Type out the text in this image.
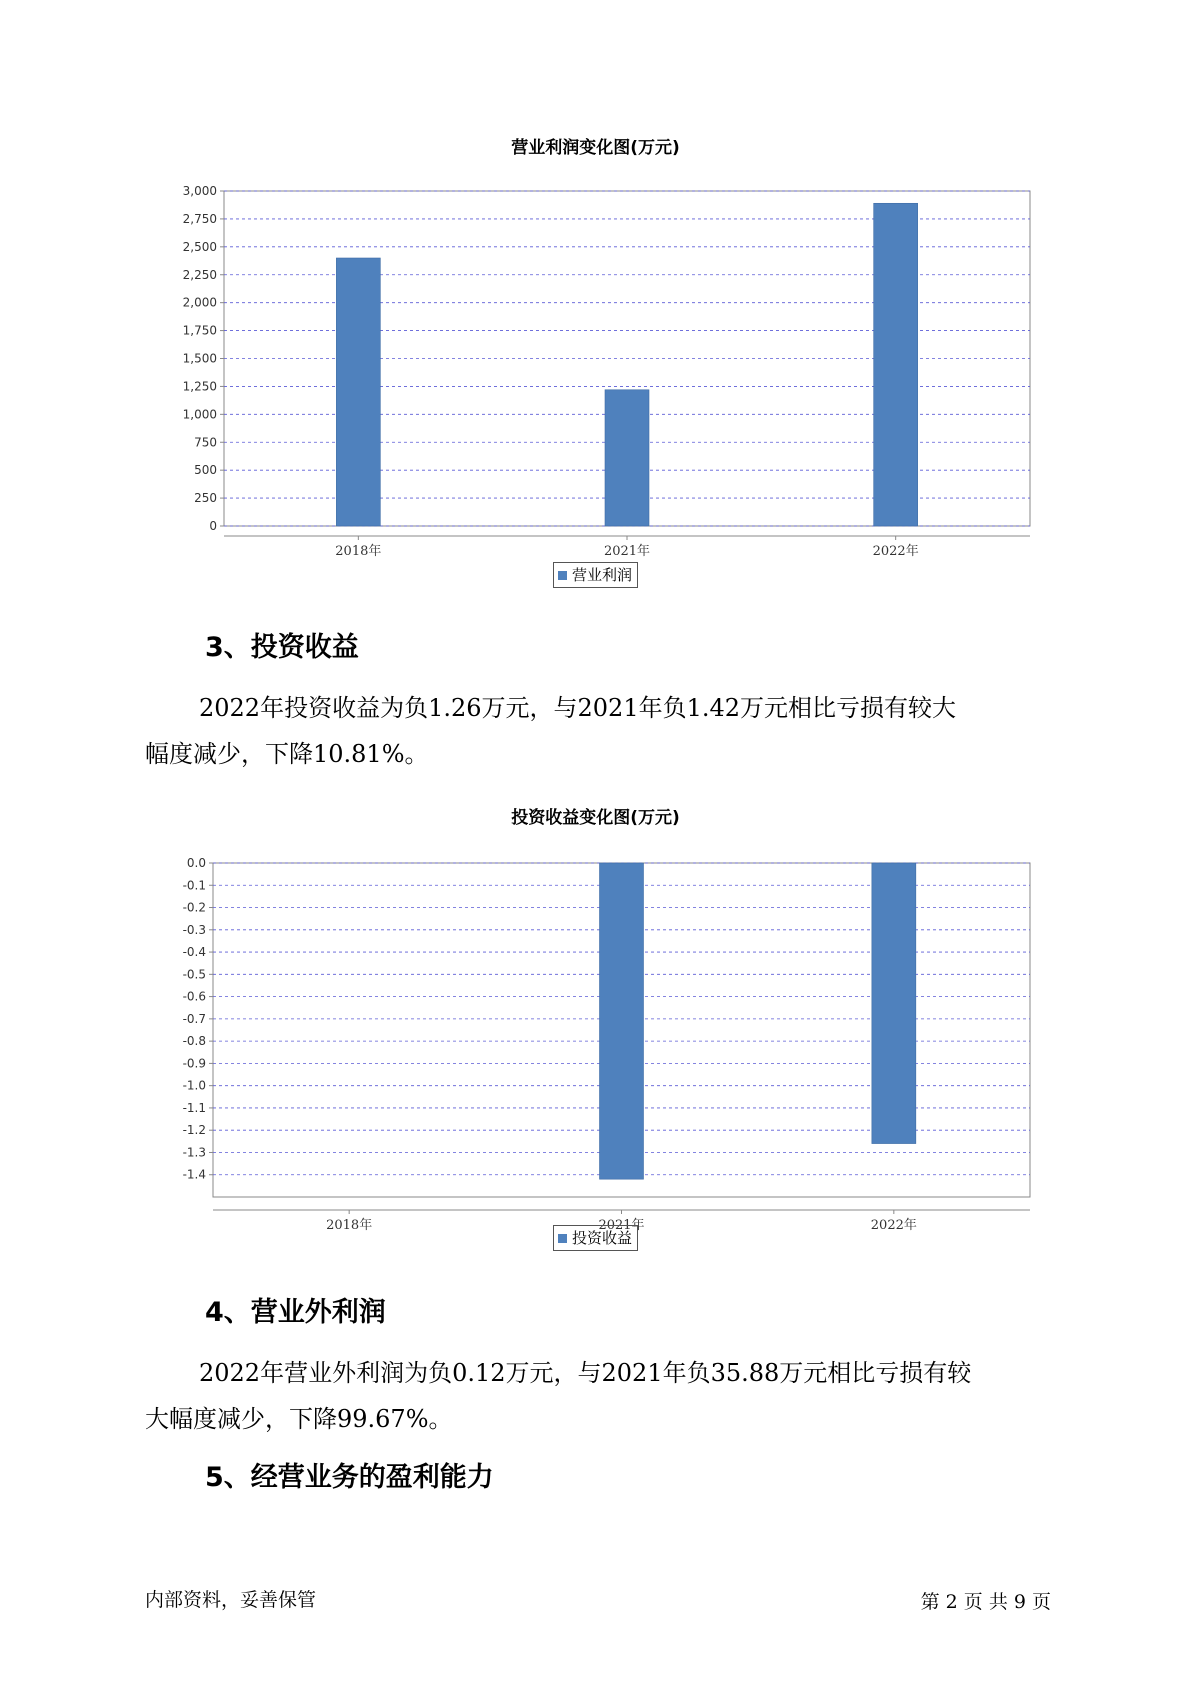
营业利润变化图(万元)
3,000
2,750
2,500
2,250
2,000
1,750
1,500
1,250
1,000
750
500
250
0
2018年	2021年	2022年
营业利润
3、投资收益
2022年投资收益为负1.26万元，与2021年负1.42万元相比亏损有较大
幅度减少，下降10.81%。
投资收益变化图(万元)
0.0
-0.1
-0.2
-0.3
-0.4
-0.5
-0.6
-0.7
-0.8
-0.9
-1.0
-1.1
-1.2
-1.3
-1.4
2018年	2021年	2022年
投资收益
4、营业外利润
2022年营业外利润为负0.12万元，与2021年负35.88万元相比亏损有较
大幅度减少，下降99.67%。
5、经营业务的盈利能力
内部资料，妥善保管	第 2 页 共 9 页
